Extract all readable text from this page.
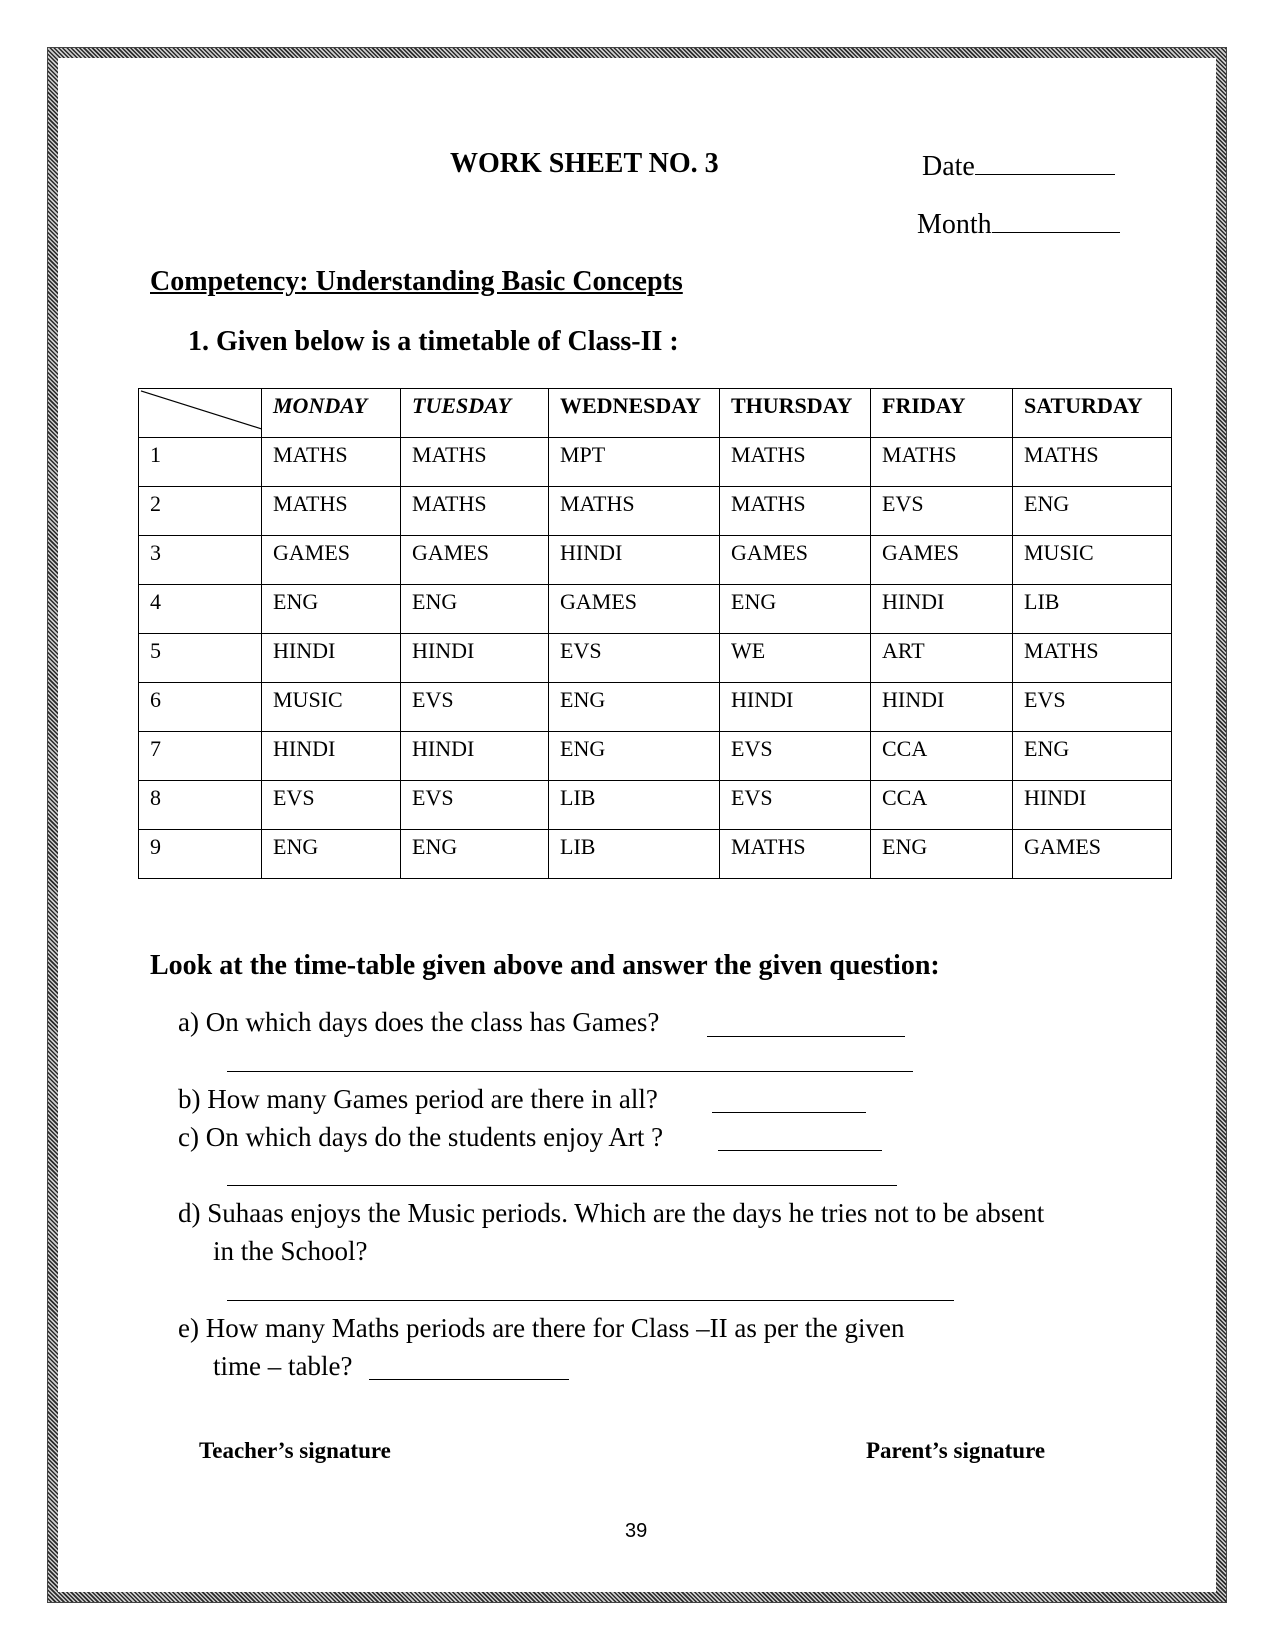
WORK SHEET NO. 3	Date
Month
Competency: Understanding Basic Concepts
1. Given below is a timetable of Class-II :
	MONDAY	TUESDAY	WEDNESDAY	THURSDAY	FRIDAY	SATURDAY
1	MATHS	MATHS	MPT	MATHS	MATHS	MATHS
2	MATHS	MATHS	MATHS	MATHS	EVS	ENG
3	GAMES	GAMES	HINDI	GAMES	GAMES	MUSIC
4	ENG	ENG	GAMES	ENG	HINDI	LIB
5	HINDI	HINDI	EVS	WE	ART	MATHS
6	MUSIC	EVS	ENG	HINDI	HINDI	EVS
7	HINDI	HINDI	ENG	EVS	CCA	ENG
8	EVS	EVS	LIB	EVS	CCA	HINDI
9	ENG	ENG	LIB	MATHS	ENG	GAMES
Look at the time-table given above and answer the given question:
a) On which days does the class has Games?
b) How many Games period are there in all?
c) On which days do the students enjoy Art ?
d) Suhaas enjoys the Music periods. Which are the days he tries not to be absent
in the School?
e) How many Maths periods are there for Class –II as per the given
time – table?
Teacher’s signature	Parent’s signature
39
